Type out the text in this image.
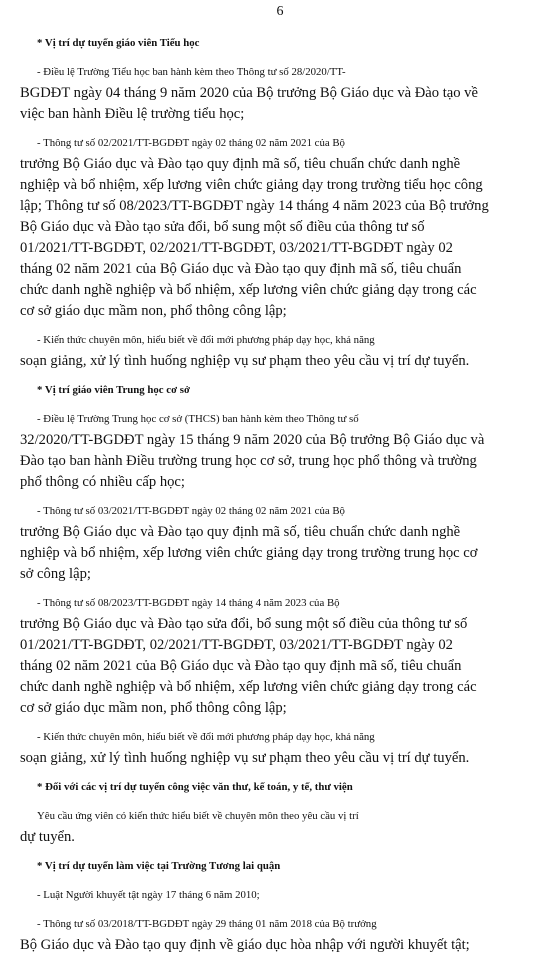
6
* Vị trí dự tuyển giáo viên Tiểu học
- Điều lệ Trường Tiểu học ban hành kèm theo Thông tư số 28/2020/TT-
BGDĐT ngày 04 tháng 9 năm 2020 của Bộ trưởng Bộ Giáo dục và Đào tạo về
việc ban hành Điều lệ trường tiểu học;
- Thông tư số 02/2021/TT-BGDĐT ngày 02 tháng 02 năm 2021 của Bộ
trưởng Bộ Giáo dục và Đào tạo quy định mã số, tiêu chuẩn chức danh nghề
nghiệp và bổ nhiệm, xếp lương viên chức giảng dạy trong trường tiểu học công
lập; Thông tư số 08/2023/TT-BGDĐT ngày 14 tháng 4 năm 2023 của Bộ trưởng
Bộ Giáo dục và Đào tạo sửa đổi, bổ sung một số điều của thông tư số
01/2021/TT-BGDĐT, 02/2021/TT-BGDĐT, 03/2021/TT-BGDĐT ngày 02
tháng 02 năm 2021 của Bộ Giáo dục và Đào tạo quy định mã số, tiêu chuẩn
chức danh nghề nghiệp và bổ nhiệm, xếp lương viên chức giảng dạy trong các
cơ sở giáo dục mầm non, phổ thông công lập;
- Kiến thức chuyên môn, hiểu biết về đổi mới phương pháp dạy học, khả năng
soạn giảng, xử lý tình huống nghiệp vụ sư phạm theo yêu cầu vị trí dự tuyển.
* Vị trí giáo viên Trung học cơ sở
- Điều lệ Trường Trung học cơ sở (THCS) ban hành kèm theo Thông tư số
32/2020/TT-BGDĐT ngày 15 tháng 9 năm 2020 của Bộ trưởng Bộ Giáo dục và
Đào tạo ban hành Điều trường trung học cơ sở, trung học phổ thông và trường
phổ thông có nhiều cấp học;
- Thông tư số 03/2021/TT-BGDĐT ngày 02 tháng 02 năm 2021 của Bộ
trưởng Bộ Giáo dục và Đào tạo quy định mã số, tiêu chuẩn chức danh nghề
nghiệp và bổ nhiệm, xếp lương viên chức giảng dạy trong trường trung học cơ
sở công lập;
- Thông tư số 08/2023/TT-BGDĐT ngày 14 tháng 4 năm 2023 của Bộ
trưởng Bộ Giáo dục và Đào tạo sửa đổi, bổ sung một số điều của thông tư số
01/2021/TT-BGDĐT, 02/2021/TT-BGDĐT, 03/2021/TT-BGDĐT ngày 02
tháng 02 năm 2021 của Bộ Giáo dục và Đào tạo quy định mã số, tiêu chuẩn
chức danh nghề nghiệp và bổ nhiệm, xếp lương viên chức giảng dạy trong các
cơ sở giáo dục mầm non, phổ thông công lập;
- Kiến thức chuyên môn, hiểu biết về đổi mới phương pháp dạy học, khả năng
soạn giảng, xử lý tình huống nghiệp vụ sư phạm theo yêu cầu vị trí dự tuyển.
* Đối với các vị trí dự tuyển công việc văn thư, kế toán, y tế, thư viện
Yêu cầu ứng viên có kiến thức hiểu biết về chuyên môn theo yêu cầu vị trí
dự tuyển.
* Vị trí dự tuyển làm việc tại Trường Tương lai quận
- Luật Người khuyết tật ngày 17 tháng 6 năm 2010;
- Thông tư số 03/2018/TT-BGDĐT ngày 29 tháng 01 năm 2018 của Bộ trưởng
Bộ Giáo dục và Đào tạo quy định về giáo dục hòa nhập với người khuyết tật;
